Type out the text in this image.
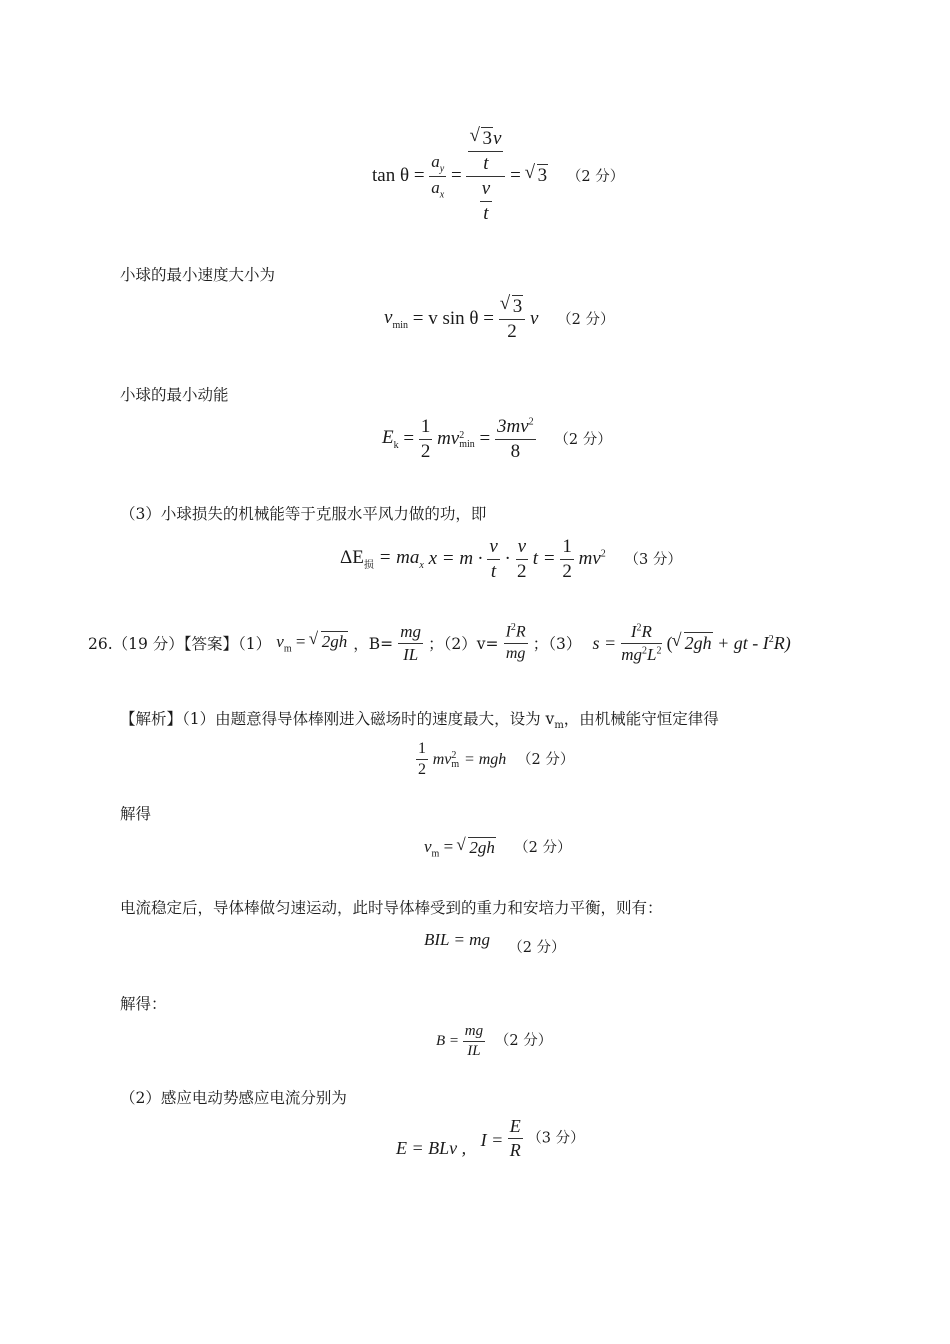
$\tan \theta = \frac{a_y}{a_x}$ = √ $\frac{\frac{3v}{t}}{\frac{v}{t}}$ = √ 3 （2 分）
小球的最小速度大小为
$v_{min} = v$ sin θ = √ $\frac{3}{2}$ v （2 分）
小球的最小动能
$E_k = \frac{1}{2}$ mv 2
$\min = \frac{3mv^2}{8} (2$ 分）
（3）小球损失的机械能等于克服水平风力做的功，即
$\Delta E_损 = ma_x$ $x = m \cdot \frac{v}{t} \cdot \frac{v}{2}$ $t = \frac{1}{2} mv^2$ （3 分）
26.（19 分）【答案】（1） $v_m$ = √ 2gh ，$B= \frac{mg}{IL}$ ；$(2)v= \frac{I^2R}{mg}$ ；（3） $s = \frac{I^2R}{mg^2L^2}$ ( √ 2gh + gt - $I^2R$)
【解析】（1）由题意得导体棒刚进入磁场时的速度最大，设为 $v_m$，由机械能守恒定律得
$\frac{1}{2}$ mv 2
m = mgh （2 分）
解得
$v_m$ = √ 2gh （2 分）
电流稳定后，导体棒做匀速运动，此时导体棒受到的重力和安培力平衡，则有：
BIL = mg （2 分）
解得：
$B = \frac{mg}{IL} (2$ 分）
（2）感应电动势感应电流分别为
E = BLv , $I = \frac{E}{R} (3$ 分）
